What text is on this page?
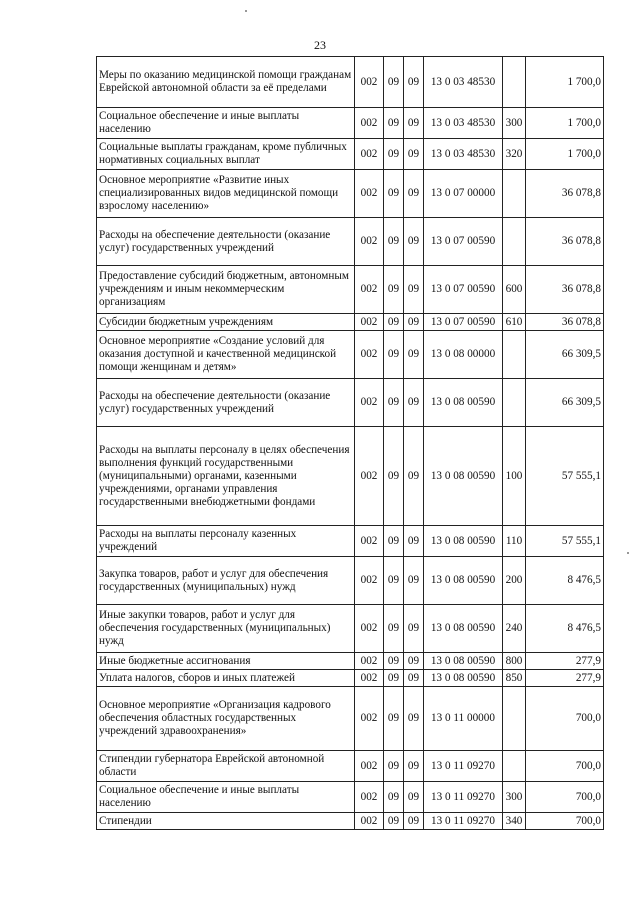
23
Меры по оказанию медицинской помощи гражданам Еврейской автономной области за её пределами	002	09	09	13 0 03 48530		1 700,0
Социальное обеспечение и иные выплаты населению	002	09	09	13 0 03 48530	300	1 700,0
Социальные выплаты гражданам, кроме публичных нормативных социальных выплат	002	09	09	13 0 03 48530	320	1 700,0
Основное мероприятие «Развитие иных специализированных видов медицинской помощи взрослому населению»	002	09	09	13 0 07 00000		36 078,8
Расходы на обеспечение деятельности (оказание услуг) государственных учреждений	002	09	09	13 0 07 00590		36 078,8
Предоставление субсидий бюджетным, автономным учреждениям и иным некоммерческим организациям	002	09	09	13 0 07 00590	600	36 078,8
Субсидии бюджетным учреждениям	002	09	09	13 0 07 00590	610	36 078,8
Основное мероприятие «Создание условий для оказания доступной и качественной медицинской помощи женщинам и детям»	002	09	09	13 0 08 00000		66 309,5
Расходы на обеспечение деятельности (оказание услуг) государственных учреждений	002	09	09	13 0 08 00590		66 309,5
Расходы на выплаты персоналу в целях обеспечения выполнения функций государственными (муниципальными) органами, казенными учреждениями, органами управления государственными внебюджетными фондами	002	09	09	13 0 08 00590	100	57 555,1
Расходы на выплаты персоналу казенных учреждений	002	09	09	13 0 08 00590	110	57 555,1
Закупка товаров, работ и услуг для обеспечения государственных (муниципальных) нужд	002	09	09	13 0 08 00590	200	8 476,5
Иные закупки товаров, работ и услуг для обеспечения государственных (муниципальных) нужд	002	09	09	13 0 08 00590	240	8 476,5
Иные бюджетные ассигнования	002	09	09	13 0 08 00590	800	277,9
Уплата налогов, сборов и иных платежей	002	09	09	13 0 08 00590	850	277,9
Основное мероприятие «Организация кадрового обеспечения областных государственных учреждений здравоохранения»	002	09	09	13 0 11 00000		700,0
Стипендии губернатора Еврейской автономной области	002	09	09	13 0 11 09270		700,0
Социальное обеспечение и иные выплаты населению	002	09	09	13 0 11 09270	300	700,0
Стипендии	002	09	09	13 0 11 09270	340	700,0
